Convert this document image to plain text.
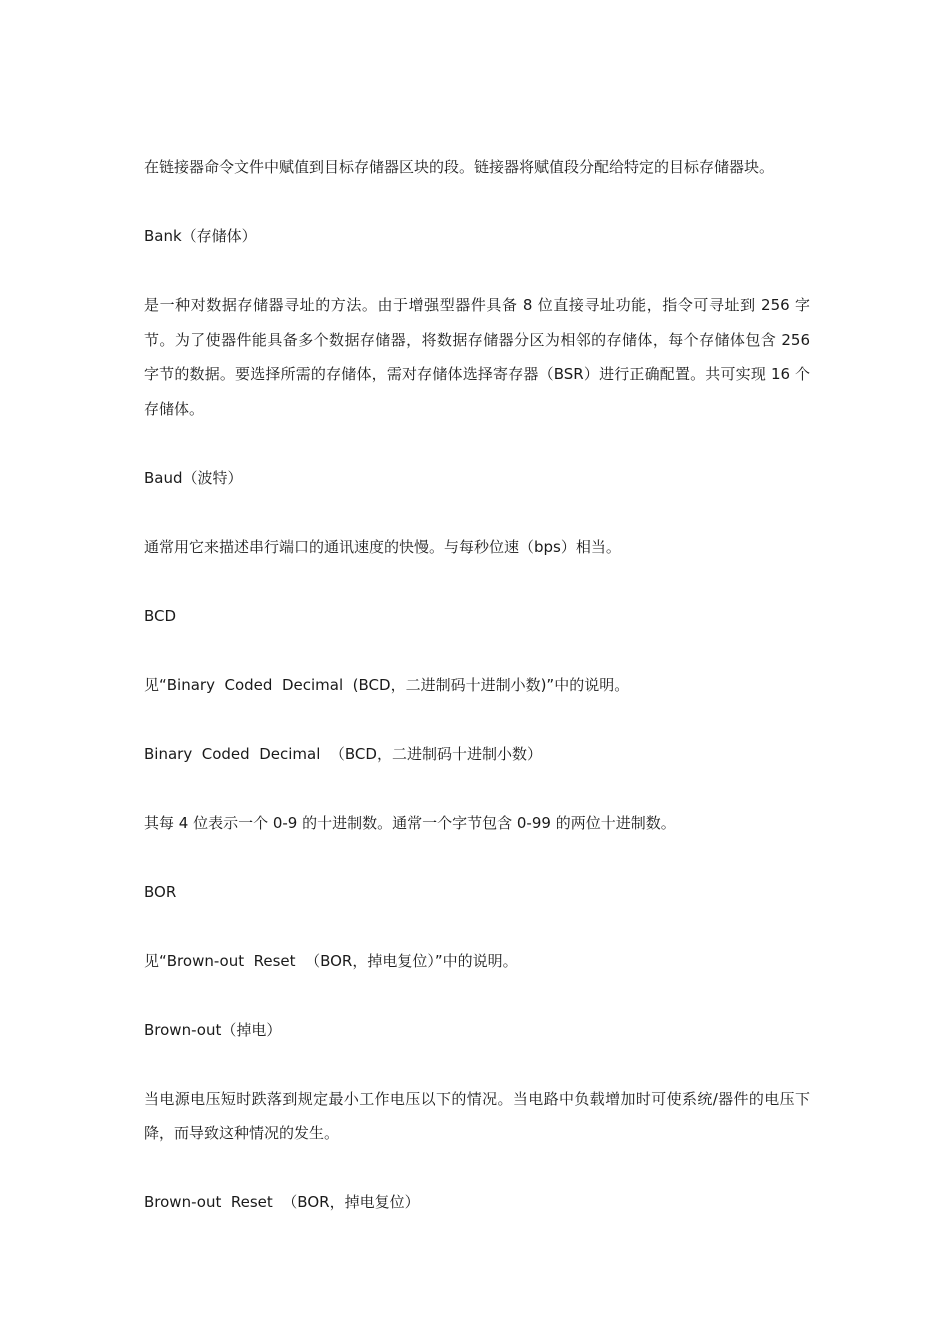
在链接器命令文件中赋值到目标存储器区块的段。链接器将赋值段分配给特定的目标存储器块。

Bank（存储体）

是一种对数据存储器寻址的方法。由于增强型器件具备 8 位直接寻址功能，指令可寻址到 256 字节。为了使器件能具备多个数据存储器，将数据存储器分区为相邻的存储体，每个存储体包含 256  字节的数据。要选择所需的存储体，需对存储体选择寄存器（BSR）进行正确配置。共可实现 16 个存储体。

Baud（波特）

通常用它来描述串行端口的通讯速度的快慢。与每秒位速（bps）相当。

BCD

见“Binary  Coded  Decimal  (BCD，二进制码十进制小数)”中的说明。

Binary  Coded  Decimal  （BCD，二进制码十进制小数）

其每 4 位表示一个 0-9 的十进制数。通常一个字节包含 0-99 的两位十进制数。

BOR

见“Brown-out  Reset  （BOR，掉电复位）”中的说明。

Brown-out（掉电）

当电源电压短时跌落到规定最小工作电压以下的情况。当电路中负载增加时可使系统/器件的电压下降，而导致这种情况的发生。

Brown-out  Reset  （BOR，掉电复位）
